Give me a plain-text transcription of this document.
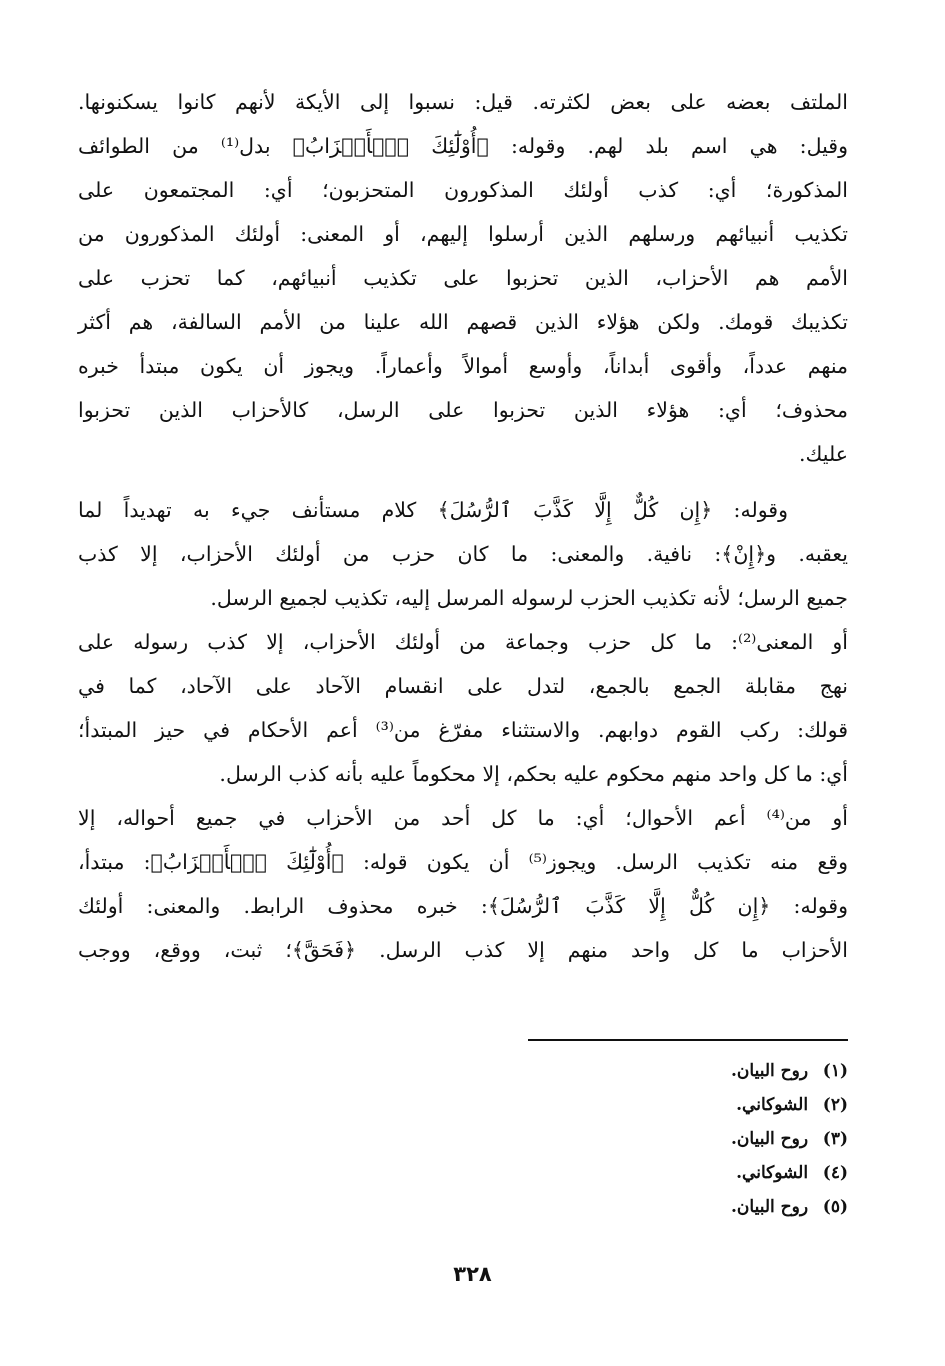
الملتف بعضه على بعض لكثرته. قيل: نسبوا إلى الأيكة لأنهم كانوا يسكنونها.
وقيل: هي اسم بلد لهم. وقوله: ﴿أُوْلَٰٓئِكَ ٱلۡأَحۡزَابُ﴾ بدل⁽¹⁾ من الطوائف
المذكورة؛ أي: كذب أولئك المذكورون المتحزبون؛ أي: المجتمعون على
تكذيب أنبيائهم ورسلهم الذين أرسلوا إليهم، أو المعنى: أولئك المذكورون من
الأمم هم الأحزاب، الذين تحزبوا على تكذيب أنبيائهم، كما تحزب على
تكذيبك قومك. ولكن هؤلاء الذين قصهم الله علينا من الأمم السالفة، هم أكثر
منهم عدداً، وأقوى أبداناً، وأوسع أموالاً وأعماراً. ويجوز أن يكون مبتدأ خبره
محذوف؛ أي: هؤلاء الذين تحزبوا على الرسل، كالأحزاب الذين تحزبوا
عليك.
وقوله: ﴿إِن كُلٌّ إِلَّا كَذَّبَ ٱلرُّسُلَ﴾ كلام مستأنف جيء به تهديداً لما
يعقبه. و﴿إِنْ﴾: نافية. والمعنى: ما كان حزب من أولئك الأحزاب، إلا كذب
جميع الرسل؛ لأنه تكذيب الحزب لرسوله المرسل إليه، تكذيب لجميع الرسل.
أو المعنى⁽²⁾: ما كل حزب وجماعة من أولئك الأحزاب، إلا كذب رسوله على
نهج مقابلة الجمع بالجمع، لتدل على انقسام الآحاد على الآحاد، كما في
قولك: ركب القوم دوابهم. والاستثناء مفرّغ من⁽³⁾ أعم الأحكام في حيز المبتدأ؛
أي: ما كل واحد منهم محكوم عليه بحكم، إلا محكوماً عليه بأنه كذب الرسل.
أو من⁽⁴⁾ أعم الأحوال؛ أي: ما كل أحد من الأحزاب في جميع أحواله، إلا
وقع منه تكذيب الرسل. ويجوز⁽⁵⁾ أن يكون قوله: ﴿أُوْلَٰٓئِكَ ٱلۡأَحۡزَابُ﴾: مبتدأ،
وقوله: ﴿إِن كُلٌّ إِلَّا كَذَّبَ ٱلرُّسُلَ﴾: خبره محذوف الرابط. والمعنى: أولئك
الأحزاب ما كل واحد منهم إلا كذب الرسل. ﴿فَحَقَّ﴾؛ ثبت، ووقع، ووجب
(١) روح البيان.
(٢) الشوكاني.
(٣) روح البيان.
(٤) الشوكاني.
(٥) روح البيان.
٣٢٨
